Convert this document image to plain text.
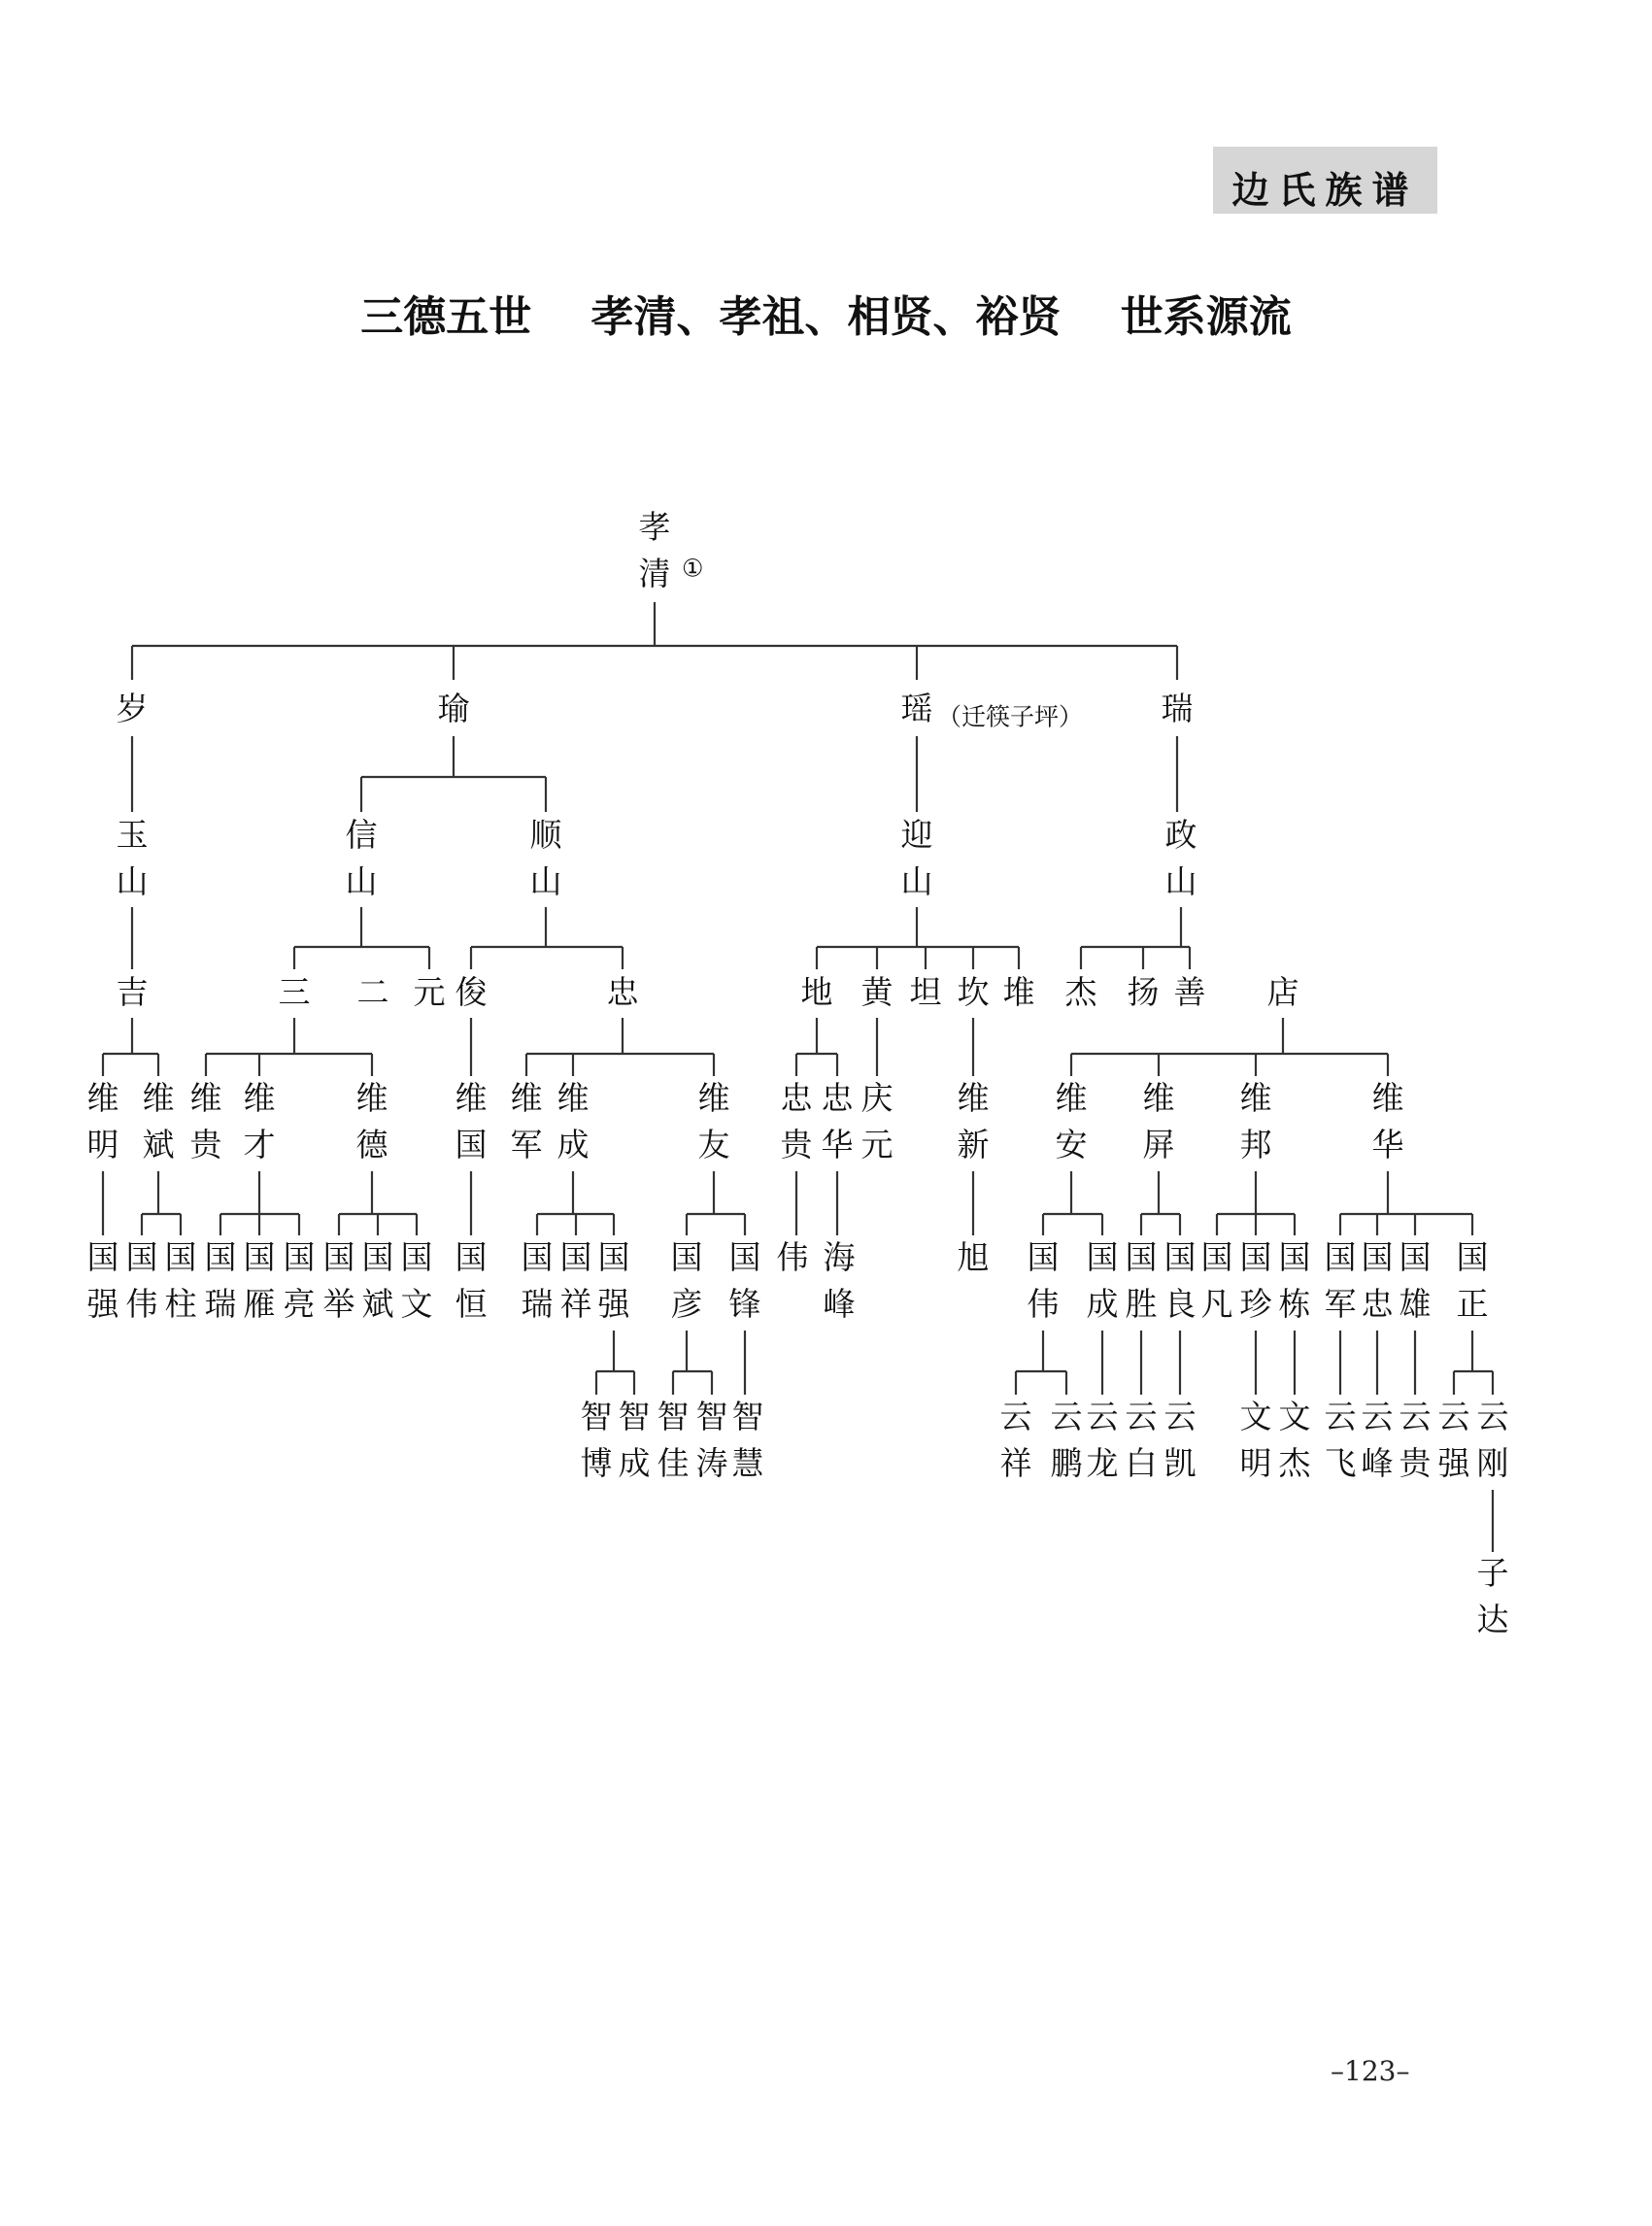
边氏族谱
三德五世    孝清、孝祖、相贤、裕贤    世系源流
孝
清
岁	瑜	瑶	瑞
玉
山
信
山
顺
山
迎
山
政
山
吉	三 二 元 俊	忠	地 黄 坦 坎 堆 杰 扬 善 店
维
明
维
斌
维
贵
维
才
维
德
维
国
维
军
维
成
维
友
忠
贵
忠
华
庆
元
维
新
维
安
维
屏
维
邦
维
华
国
强
国
伟
国
柱
国
瑞
国
雁
国
亮
国
举
国
斌
国
文
国
恒
国
瑞
国
祥
国
强
国
彦
国
锋
伟 海
峰
旭 国
伟
国
成
国
胜
国
良
国
凡
国
珍
国
栋
国
军
国
忠
国
雄
国
正
智
博
智
成
智
佳
智
涛
智
慧
云
祥
云
鹏
云
龙
云
白
云
凯
文
明
文
杰
云
飞
云
峰
云
贵
云
强
云
刚
子
达
①
（迁筷子坪）
–123–
